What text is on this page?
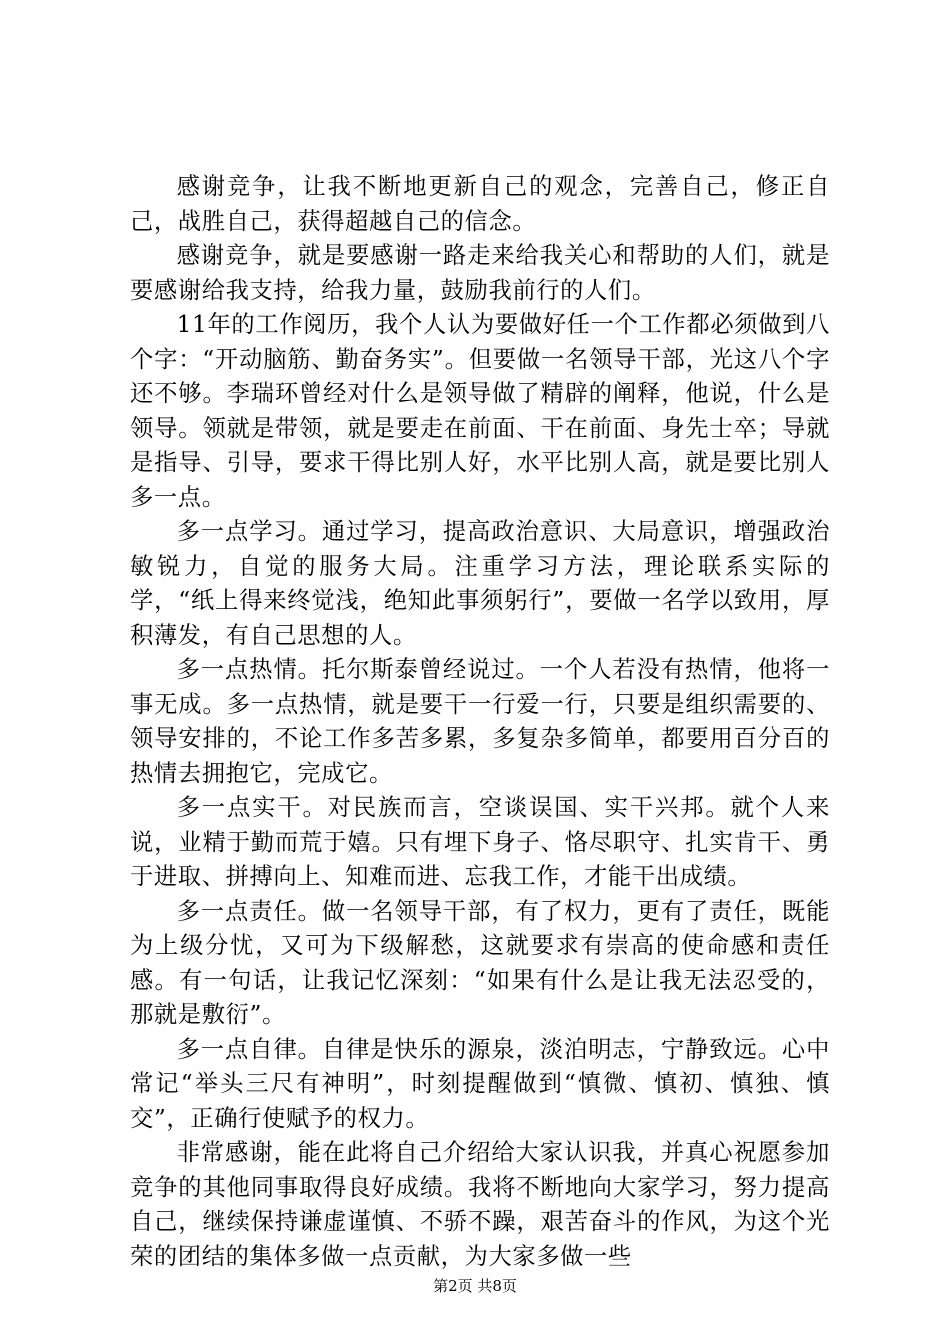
感谢竞争，让我不断地更新自己的观念，完善自己，修正自己，战胜自己，获得超越自己的信念。

感谢竞争，就是要感谢一路走来给我关心和帮助的人们，就是要感谢给我支持，给我力量，鼓励我前行的人们。

11年的工作阅历，我个人认为要做好任一个工作都必须做到八个字：“开动脑筋、勤奋务实”。但要做一名领导干部，光这八个字还不够。李瑞环曾经对什么是领导做了精辟的阐释，他说，什么是领导。领就是带领，就是要走在前面、干在前面、身先士卒；导就是指导、引导，要求干得比别人好，水平比别人高，就是要比别人多一点。

多一点学习。通过学习，提高政治意识、大局意识，增强政治敏锐力，自觉的服务大局。注重学习方法，理论联系实际的学，“纸上得来终觉浅，绝知此事须躬行”，要做一名学以致用，厚积薄发，有自己思想的人。

多一点热情。托尔斯泰曾经说过。一个人若没有热情，他将一事无成。多一点热情，就是要干一行爱一行，只要是组织需要的、领导安排的，不论工作多苦多累，多复杂多简单，都要用百分百的热情去拥抱它，完成它。

多一点实干。对民族而言，空谈误国、实干兴邦。就个人来说，业精于勤而荒于嬉。只有埋下身子、恪尽职守、扎实肯干、勇于进取、拼搏向上、知难而进、忘我工作，才能干出成绩。

多一点责任。做一名领导干部，有了权力，更有了责任，既能为上级分忧，又可为下级解愁，这就要求有崇高的使命感和责任感。有一句话，让我记忆深刻：“如果有什么是让我无法忍受的，那就是敷衍”。

多一点自律。自律是快乐的源泉，淡泊明志，宁静致远。心中常记“举头三尺有神明”，时刻提醒做到“慎微、慎初、慎独、慎交”，正确行使赋予的权力。

非常感谢，能在此将自己介绍给大家认识我，并真心祝愿参加竞争的其他同事取得良好成绩。我将不断地向大家学习，努力提高自己，继续保持谦虚谨慎、不骄不躁，艰苦奋斗的作风，为这个光荣的团结的集体多做一点贡献，为大家多做一些

第2页 共8页
